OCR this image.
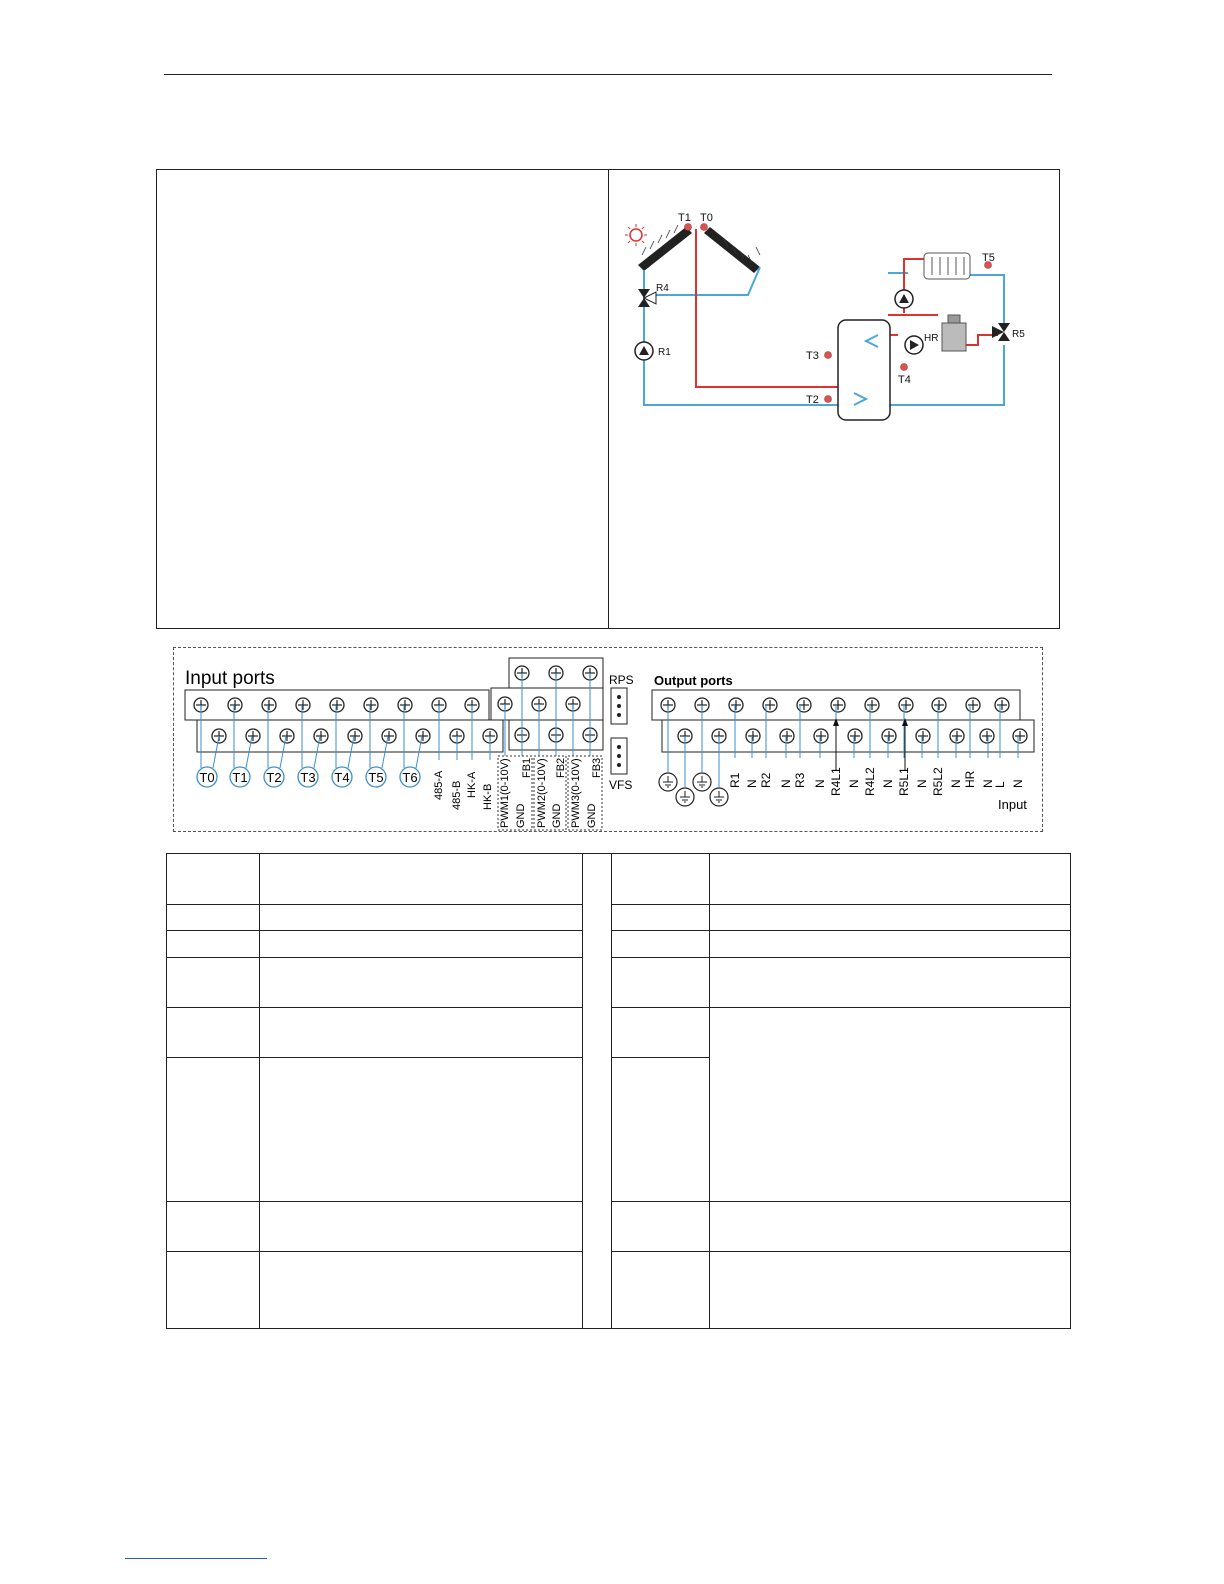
T1 T0
T5
T3
T4
T2
R4
R1
R5
HR
Input ports	Output ports
RPS
VFS
T0 T1 T2 T3 T4 T5 T6 485-A 485-B HK-A HK-B PWM1(0-10V) GND
FB1 PWM2(0-10V) GND
FB2 PWM3(0-10V) GND
FB3
R1 N R2 N R3 N R4L1 N R4L2 N R5L1 N R5L2 N HR N
L N
Input
